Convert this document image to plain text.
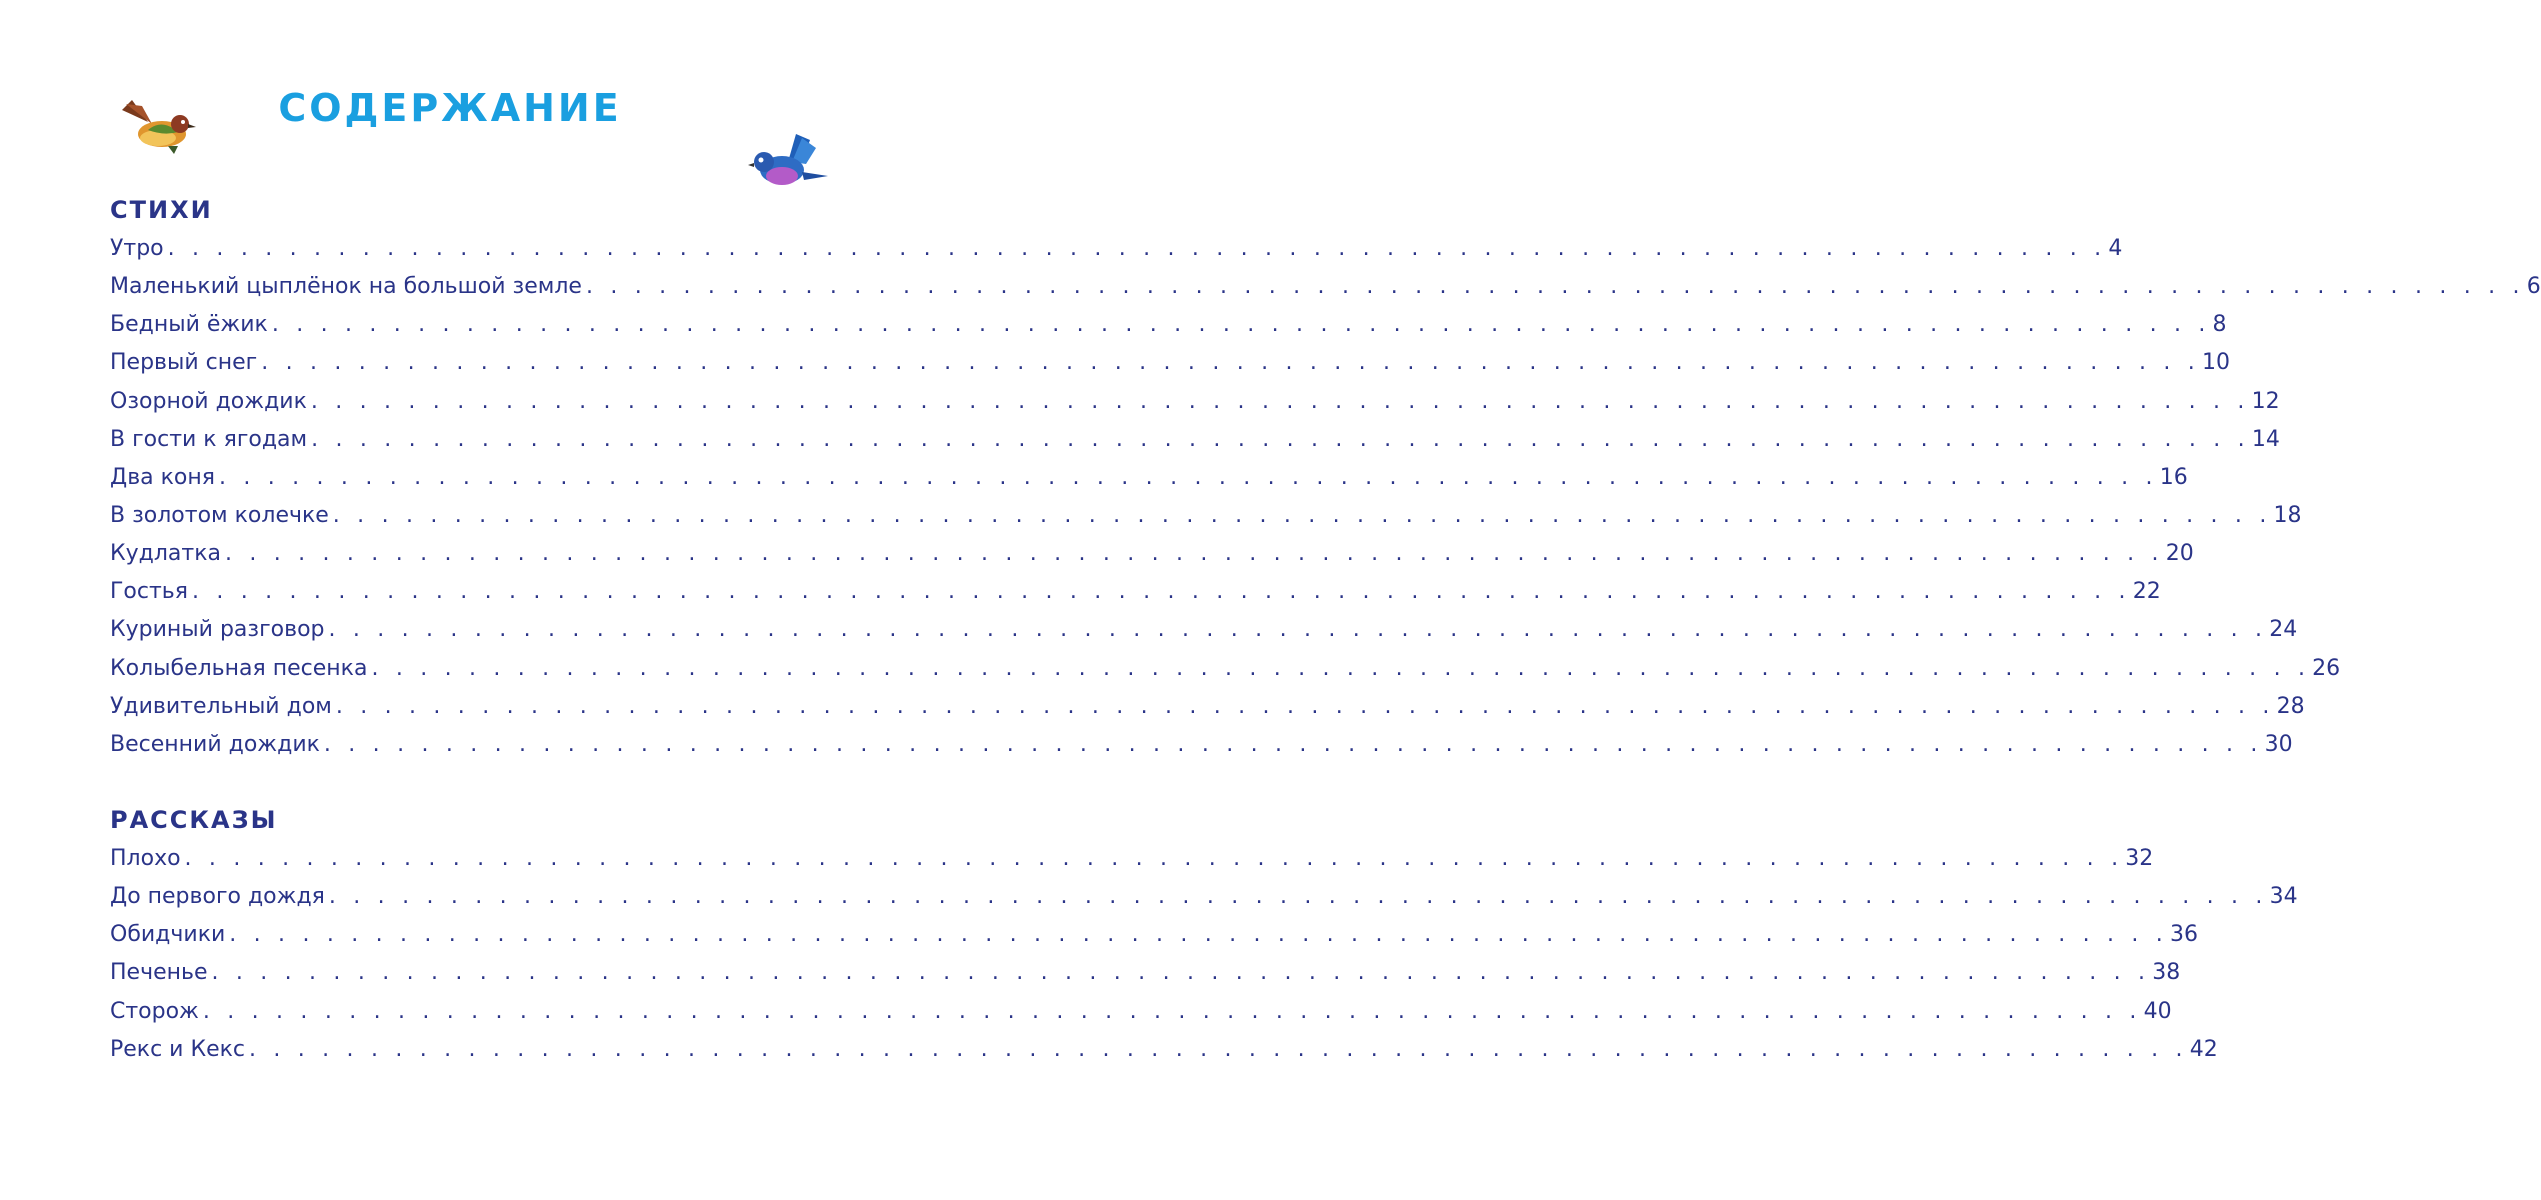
СОДЕРЖАНИЕ
СТИХИ
Утро . . . . . . . . . . . . . . . . . . . . . . . . . . . . . . . . . . . . . . . . . . . . . . . . . . . . . . . . . . . . . . . . . . . . . . . . . . . . . . . . 4
Маленький цыплёнок на большой земле . . . . . . . . . . . . . . . . . . . . . . . . . . . . . . . . . . . . . . . . . . . . . . . . . . . . . . . . . . . . . . . . . . . . . . . . . . . . . . . . 6
Бедный ёжик . . . . . . . . . . . . . . . . . . . . . . . . . . . . . . . . . . . . . . . . . . . . . . . . . . . . . . . . . . . . . . . . . . . . . . . . . . . . . . . . 8
Первый снег . . . . . . . . . . . . . . . . . . . . . . . . . . . . . . . . . . . . . . . . . . . . . . . . . . . . . . . . . . . . . . . . . . . . . . . . . . . . . . . . 10
Озорной дождик . . . . . . . . . . . . . . . . . . . . . . . . . . . . . . . . . . . . . . . . . . . . . . . . . . . . . . . . . . . . . . . . . . . . . . . . . . . . . . . . 12
В гости к ягодам . . . . . . . . . . . . . . . . . . . . . . . . . . . . . . . . . . . . . . . . . . . . . . . . . . . . . . . . . . . . . . . . . . . . . . . . . . . . . . . . 14
Два коня . . . . . . . . . . . . . . . . . . . . . . . . . . . . . . . . . . . . . . . . . . . . . . . . . . . . . . . . . . . . . . . . . . . . . . . . . . . . . . . . 16
В золотом колечке . . . . . . . . . . . . . . . . . . . . . . . . . . . . . . . . . . . . . . . . . . . . . . . . . . . . . . . . . . . . . . . . . . . . . . . . . . . . . . . . 18
Кудлатка . . . . . . . . . . . . . . . . . . . . . . . . . . . . . . . . . . . . . . . . . . . . . . . . . . . . . . . . . . . . . . . . . . . . . . . . . . . . . . . . 20
Гостья . . . . . . . . . . . . . . . . . . . . . . . . . . . . . . . . . . . . . . . . . . . . . . . . . . . . . . . . . . . . . . . . . . . . . . . . . . . . . . . . 22
Куриный разговор . . . . . . . . . . . . . . . . . . . . . . . . . . . . . . . . . . . . . . . . . . . . . . . . . . . . . . . . . . . . . . . . . . . . . . . . . . . . . . . . 24
Колыбельная песенка . . . . . . . . . . . . . . . . . . . . . . . . . . . . . . . . . . . . . . . . . . . . . . . . . . . . . . . . . . . . . . . . . . . . . . . . . . . . . . . . 26
Удивительный дом . . . . . . . . . . . . . . . . . . . . . . . . . . . . . . . . . . . . . . . . . . . . . . . . . . . . . . . . . . . . . . . . . . . . . . . . . . . . . . . . 28
Весенний дождик . . . . . . . . . . . . . . . . . . . . . . . . . . . . . . . . . . . . . . . . . . . . . . . . . . . . . . . . . . . . . . . . . . . . . . . . . . . . . . . . 30
РАССКАЗЫ
Плохо . . . . . . . . . . . . . . . . . . . . . . . . . . . . . . . . . . . . . . . . . . . . . . . . . . . . . . . . . . . . . . . . . . . . . . . . . . . . . . . . 32
До первого дождя . . . . . . . . . . . . . . . . . . . . . . . . . . . . . . . . . . . . . . . . . . . . . . . . . . . . . . . . . . . . . . . . . . . . . . . . . . . . . . . . 34
Обидчики . . . . . . . . . . . . . . . . . . . . . . . . . . . . . . . . . . . . . . . . . . . . . . . . . . . . . . . . . . . . . . . . . . . . . . . . . . . . . . . . 36
Печенье . . . . . . . . . . . . . . . . . . . . . . . . . . . . . . . . . . . . . . . . . . . . . . . . . . . . . . . . . . . . . . . . . . . . . . . . . . . . . . . . 38
Сторож . . . . . . . . . . . . . . . . . . . . . . . . . . . . . . . . . . . . . . . . . . . . . . . . . . . . . . . . . . . . . . . . . . . . . . . . . . . . . . . . 40
Рекс и Кекс . . . . . . . . . . . . . . . . . . . . . . . . . . . . . . . . . . . . . . . . . . . . . . . . . . . . . . . . . . . . . . . . . . . . . . . . . . . . . . . . 42
